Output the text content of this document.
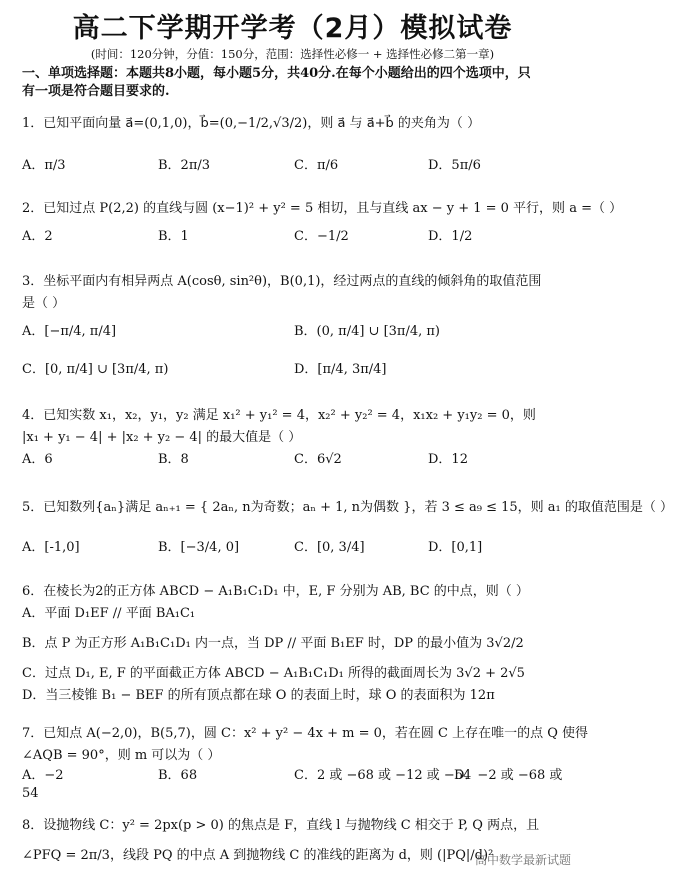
高二下学期开学考（2月）模拟试卷
(时间：120分钟，分值：150分，范围：选择性必修一 + 选择性必修二第一章)
一、单项选择题：本题共8小题，每小题5分，共40分.在每个小题给出的四个选项中，只
有一项是符合题目要求的.
1．已知平面向量 a⃗=(0,1,0)，b⃗=(0,−1/2,√3/2)，则 a⃗ 与 a⃗+b⃗ 的夹角为（ ）
A．π/3	B．2π/3	C．π/6	D．5π/6
2．已知过点 P(2,2) 的直线与圆 (x−1)² + y² = 5 相切，且与直线 ax − y + 1 = 0 平行，则 a =（ ）
A．2	B．1	C．−1/2	D．1/2
3．坐标平面内有相异两点 A(cosθ, sin²θ)，B(0,1)，经过两点的直线的倾斜角的取值范围
是（ ）
A．[−π/4, π/4]	B．(0, π/4] ∪ [3π/4, π)
C．[0, π/4] ∪ [3π/4, π)	D．[π/4, 3π/4]
4．已知实数 x₁，x₂，y₁，y₂ 满足 x₁² + y₁² = 4，x₂² + y₂² = 4，x₁x₂ + y₁y₂ = 0，则
|x₁ + y₁ − 4| + |x₂ + y₂ − 4| 的最大值是（ ）
A．6	B．8	C．6√2	D．12
5．已知数列{aₙ}满足 aₙ₊₁ = { 2aₙ, n为奇数；aₙ + 1, n为偶数 }，若 3 ≤ a₉ ≤ 15，则 a₁ 的取值范围是（ ）
A．[-1,0]	B．[−3/4, 0]	C．[0, 3/4]	D．[0,1]
6．在棱长为2的正方体 ABCD − A₁B₁C₁D₁ 中，E, F 分别为 AB, BC 的中点，则（ ）
A．平面 D₁EF // 平面 BA₁C₁
B．点 P 为正方形 A₁B₁C₁D₁ 内一点，当 DP // 平面 B₁EF 时，DP 的最小值为 3√2/2
C．过点 D₁, E, F 的平面截正方体 ABCD − A₁B₁C₁D₁ 所得的截面周长为 3√2 + 2√5
D．当三棱锥 B₁ − BEF 的所有顶点都在球 O 的表面上时，球 O 的表面积为 12π
7．已知点 A(−2,0)，B(5,7)，圆 C：x² + y² − 4x + m = 0，若在圆 C 上存在唯一的点 Q 使得
∠AQB = 90°，则 m 可以为（ ）
A．−2	B．68	C．2 或 −68 或 −12 或 −54
D．−2 或 −68 或
54
8．设抛物线 C：y² = 2px(p > 0) 的焦点是 F，直线 l 与抛物线 C 相交于 P, Q 两点，且
∠PFQ = 2π/3，线段 PQ 的中点 A 到抛物线 C 的准线的距离为 d，则 (|PQ|/d)²
高中数学最新试题
